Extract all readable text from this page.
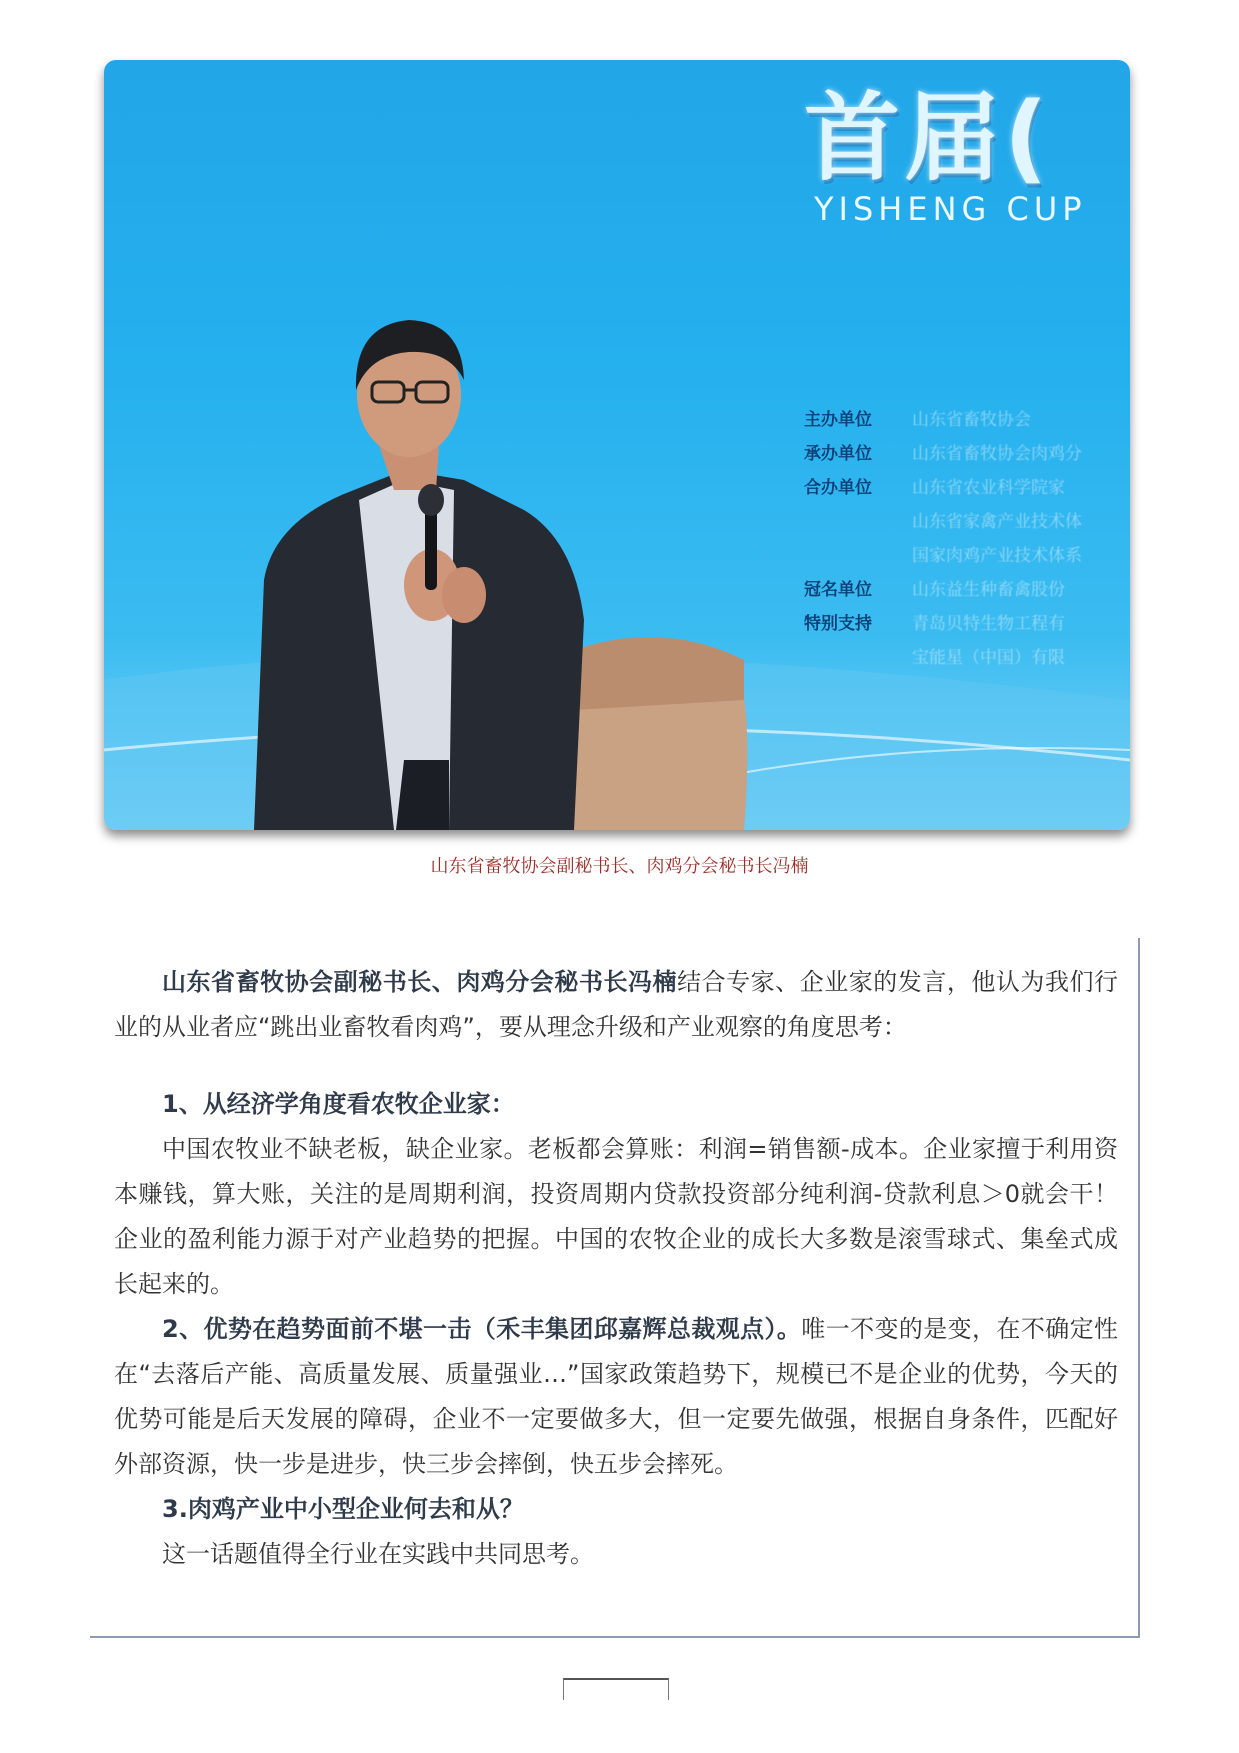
首届(
YISHENG CUP
主办单位	山东省畜牧协会
承办单位	山东省畜牧协会肉鸡分
合办单位	山东省农业科学院家
山东省家禽产业技术体
国家肉鸡产业技术体系
冠名单位	山东益生种畜禽股份
特别支持	青岛贝特生物工程有
宝能星（中国）有限
山东省畜牧协会副秘书长、肉鸡分会秘书长冯楠

山东省畜牧协会副秘书长、肉鸡分会秘书长冯楠结合专家、企业家的发言，他认为我们行业的从业者应“跳出业畜牧看肉鸡”，要从理念升级和产业观察的角度思考：

1、从经济学角度看农牧企业家：

中国农牧业不缺老板，缺企业家。老板都会算账：利润=销售额-成本。企业家擅于利用资本赚钱，算大账，关注的是周期利润，投资周期内贷款投资部分纯利润-贷款利息＞0就会干！企业的盈利能力源于对产业趋势的把握。中国的农牧企业的成长大多数是滚雪球式、集垒式成长起来的。

2、优势在趋势面前不堪一击（禾丰集团邱嘉辉总裁观点）。唯一不变的是变，在不确定性在“去落后产能、高质量发展、质量强业…”国家政策趋势下，规模已不是企业的优势，今天的优势可能是后天发展的障碍，企业不一定要做多大，但一定要先做强，根据自身条件，匹配好外部资源，快一步是进步，快三步会摔倒，快五步会摔死。

3.肉鸡产业中小型企业何去和从？

这一话题值得全行业在实践中共同思考。
